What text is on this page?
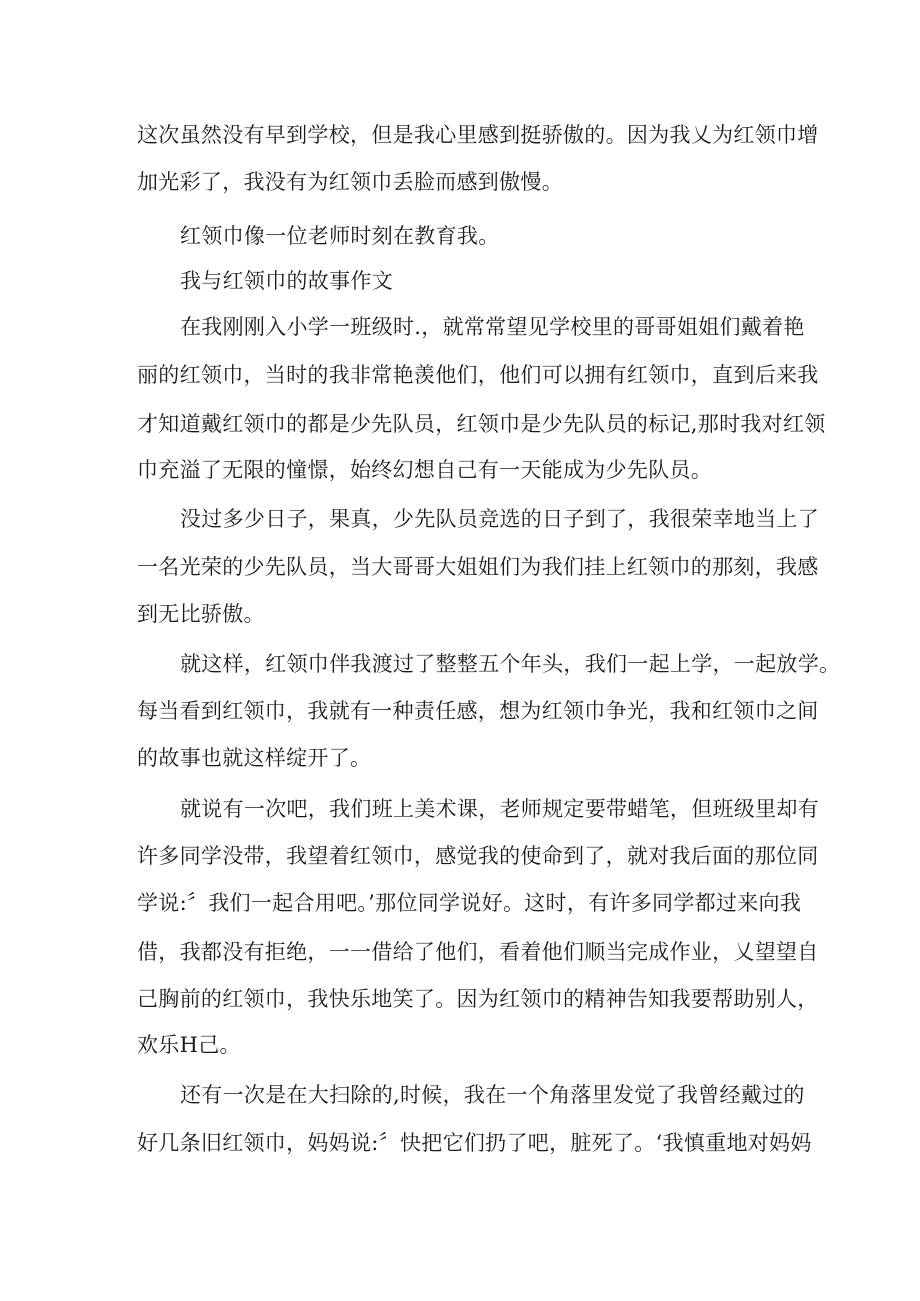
这次虽然没有早到学校，但是我心里感到挺骄傲的。因为我乂为红领巾增
加光彩了，我没有为红领巾丢脸而感到傲慢。
红领巾像一位老师时刻在教育我。
我与红领巾的故事作文
在我刚刚入小学一班级时.，就常常望见学校里的哥哥姐姐们戴着艳
丽的红领巾，当时的我非常艳羡他们，他们可以拥有红领巾，直到后来我
才知道戴红领巾的都是少先队员，红领巾是少先队员的标记,那时我对红领
巾充溢了无限的憧憬，始终幻想自己有一天能成为少先队员。
没过多少日子，果真，少先队员竞选的日子到了，我很荣幸地当上了
一名光荣的少先队员，当大哥哥大姐姐们为我们挂上红领巾的那刻，我感
到无比骄傲。
就这样，红领巾伴我渡过了整整五个年头，我们一起上学，一起放学。
每当看到红领巾，我就有一种责任感，想为红领巾争光，我和红领巾之间
的故事也就这样绽开了。
就说有一次吧，我们班上美术课，老师规定要带蜡笔，但班级里却有
许多同学没带，我望着红领巾，感觉我的使命到了，就对我后面的那位同
学说:〞我们一起合用吧。’那位同学说好。这时，有许多同学都过来向我
借，我都没有拒绝，一一借给了他们，看着他们顺当完成作业，乂望望自
己胸前的红领巾，我快乐地笑了。因为红领巾的精神告知我要帮助别人，
欢乐H己。
还有一次是在大扫除的,时候，我在一个角落里发觉了我曾经戴过的
好几条旧红领巾，妈妈说:〞快把它们扔了吧，脏死了。‘我慎重地对妈妈
